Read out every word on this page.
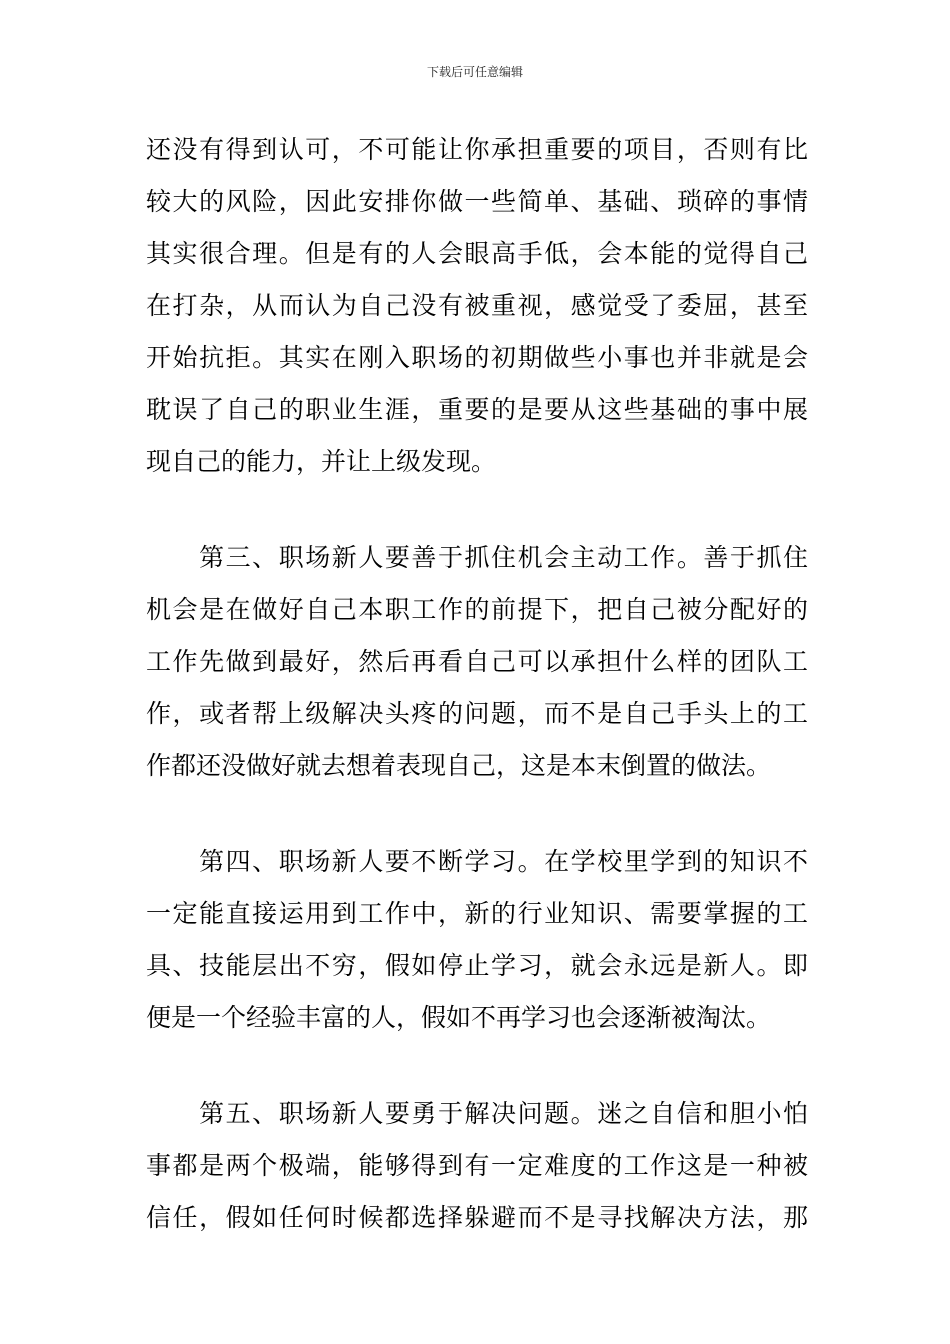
下载后可任意编辑
还没有得到认可，不可能让你承担重要的项目，否则有比
较大的风险，因此安排你做一些简单、基础、琐碎的事情
其实很合理。但是有的人会眼高手低，会本能的觉得自己
在打杂，从而认为自己没有被重视，感觉受了委屈，甚至
开始抗拒。其实在刚入职场的初期做些小事也并非就是会
耽误了自己的职业生涯，重要的是要从这些基础的事中展
现自己的能力，并让上级发现。
　　第三、职场新人要善于抓住机会主动工作。善于抓住
机会是在做好自己本职工作的前提下，把自己被分配好的
工作先做到最好，然后再看自己可以承担什么样的团队工
作，或者帮上级解决头疼的问题，而不是自己手头上的工
作都还没做好就去想着表现自己，这是本末倒置的做法。
　　第四、职场新人要不断学习。在学校里学到的知识不
一定能直接运用到工作中，新的行业知识、需要掌握的工
具、技能层出不穷，假如停止学习，就会永远是新人。即
便是一个经验丰富的人，假如不再学习也会逐渐被淘汰。
　　第五、职场新人要勇于解决问题。迷之自信和胆小怕
事都是两个极端，能够得到有一定难度的工作这是一种被
信任，假如任何时候都选择躲避而不是寻找解决方法，那
